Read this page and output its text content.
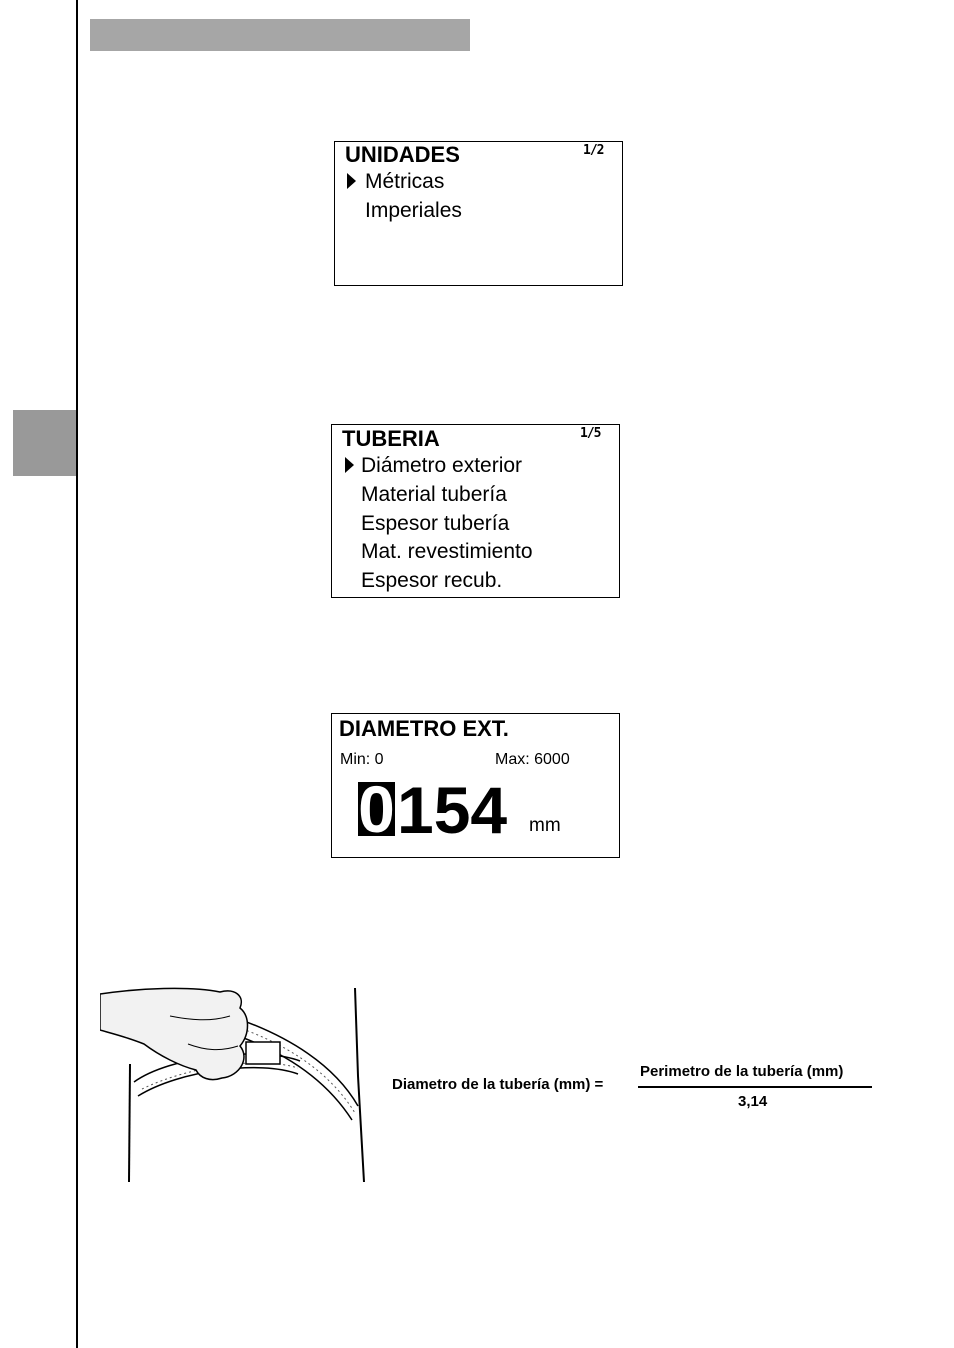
UNIDADES	1/2
Métricas
Imperiales
TUBERIA	1/5
Diámetro exterior
Material tubería
Espesor tubería
Mat. revestimiento
Espesor recub.
DIAMETRO EXT.
Min: 0	Max: 6000
0 154 mm
Diametro de la tubería (mm) =
Perimetro de la tubería (mm)
3,14
